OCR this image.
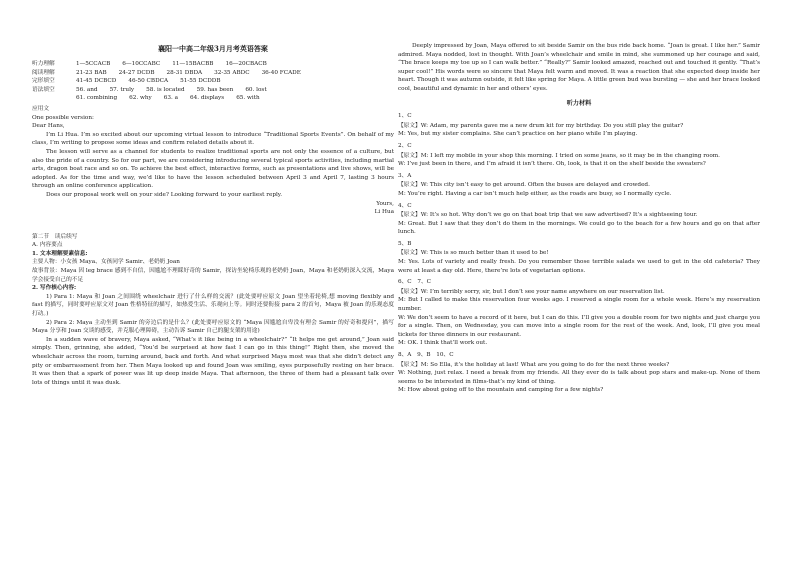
襄阳一中高二年级3月月考英语答案
听力理解	1—5CCACB 6—10CCABC 11—15BACBB 16—20CBACB
阅读理解	21-23 BAB 24-27 DCDB 28-31 DBDA 32-35 ABDC 36-40 FCADE
完形填空	41-45 DCBCD 46-50 CBDCA 51-55 DCDDB
语法填空	56. and 57. truly 58. is located 59. has been 60. lost
61. combining 62. why 63. a 64. displays 65. with

应用文

One possible version:

Dear Hans,

I’m Li Hua. I’m so excited about our upcoming virtual lesson to introduce “Traditional Sports Events”. On behalf of my class, I’m writing to propose some ideas and confirm related details about it.

The lesson will serve as a channel for students to realize traditional sports are not only the essence of a culture, but also the pride of a country. So for our part, we are considering introducing several typical sports activities, including martial arts, dragon boat race and so on. To achieve the best effect, interactive forms, such as presentations and live shows, will be adopted. As for the time and way, we’d like to have the lesson scheduled between April 3 and April 7, lasting 3 hours through an online conference application.

Does our proposal work well on your side? Looking forward to your earliest reply.

Yours,

Li Hua

第二节　读后续写

A. 内容要点

1. 文本理解要素信息:

主要人物：小女孩 Maya、女孩同学 Samir、老奶奶 Joan

故事背景：Maya 因 leg brace 感到不自信，因尴尬不理睬好奇的 Samir，探访坐轮椅乐观的老奶奶 Joan，Maya 和老奶奶深入交流，Maya 学会接受自己的不足

2. 写作核心内容:

1) Para 1: Maya 和 Joan 之间围绕 wheelchair 进行了什么样的交流？(此处要呼应原文 Joan 望坐着轮椅,想 moving flexibly and fast 的描写，同时要呼应原文对 Joan 性格特征的描写，如热爱生活、乐观向上等。同时还要衔接 para 2 的首句，Maya 被 Joan 的乐观态度打动。)

2) Para 2: Maya 主动坐到 Samir 的旁边后的是什么？(此处要呼应原文的 “Maya 因尴尬自卑没有理会 Samir 的好奇和提问”，描写 Maya 分享和 Joan 交谈的感受，并克服心理障碍，主动告诉 Samir 自己的腿支架的用途)

In a sudden wave of bravery, Maya asked, “What’s it like being in a wheelchair?” “It helps me get around,” Joan said simply. Then, grinning, she added, “You’d be surprised at how fast I can go in this thing!” Right then, she moved the wheelchair across the room, turning around, back and forth. And what surprised Maya most was that she didn’t detect any pity or embarrassment from her. Then Maya looked up and found Joan was smiling, eyes purposefully resting on her brace. It was then that a spark of power was lit up deep inside Maya. That afternoon, the three of them had a pleasant talk over lots of things until it was dusk.

Deeply impressed by Joan, Maya offered to sit beside Samir on the bus ride back home. “Joan is great. I like her.” Samir admired. Maya nodded, lost in thought. With Joan’s wheelchair and smile in mind, she summoned up her courage and said, “The brace keeps my toe up so I can walk better.” “Really?” Samir looked amazed, reached out and touched it gently. “That’s super cool!” His words were so sincere that Maya felt warm and moved. It was a reaction that she expected deep inside her heart. Though it was autumn outside, it felt like spring for Maya. A little green bud was bursting — she and her brace looked cool, beautiful and dynamic in her and others’ eyes.

听力材料

1、C

【原文】W: Adam, my parents gave me a new drum kit for my birthday. Do you still play the guitar?

M: Yes, but my sister complains. She can’t practice on her piano while I’m playing.

2、C

【原文】M: I left my mobile in your shop this morning. I tried on some jeans, so it may be in the changing room.

W: I’ve just been in there, and I’m afraid it isn’t there. Oh, look, is that it on the shelf beside the sweaters?

3、A

【原文】W: This city isn’t easy to get around. Often the buses are delayed and crowded.

M: You’re right. Having a car isn’t much help either, as the roads are busy, so I normally cycle.

4、C

【原文】W: It’s so hot. Why don’t we go on that boat trip that we saw advertised? It’s a sightseeing tour.

M: Great. But I saw that they don’t do them in the mornings. We could go to the beach for a few hours and go on that after lunch.

5、B

【原文】W: This is so much better than it used to be!

M: Yes. Lots of variety and really fresh. Do you remember those terrible salads we used to get in the old cafeteria? They were at least a day old. Here, there’re lots of vegetarian options.

6、C　7、C

【原文】W: I’m terribly sorry, sir, but I don’t see your name anywhere on our reservation list.

M: But I called to make this reservation four weeks ago. I reserved a single room for a whole week. Here’s my reservation number.

W: We don’t seem to have a record of it here, but I can do this. I’ll give you a double room for two nights and just charge you for a single. Then, on Wednesday, you can move into a single room for the rest of the week. And, look, I’ll give you meal tickets for three dinners in our restaurant.

M: OK. I think that’ll work out.

8、A　9、B　10、C

【原文】M: So Ella, it’s the holiday at last! What are you going to do for the next three weeks?

W: Nothing, just relax. I need a break from my friends. All they ever do is talk about pop stars and make-up. None of them seems to be interested in films-that’s my kind of thing.

M: How about going off to the mountain and camping for a few nights?
